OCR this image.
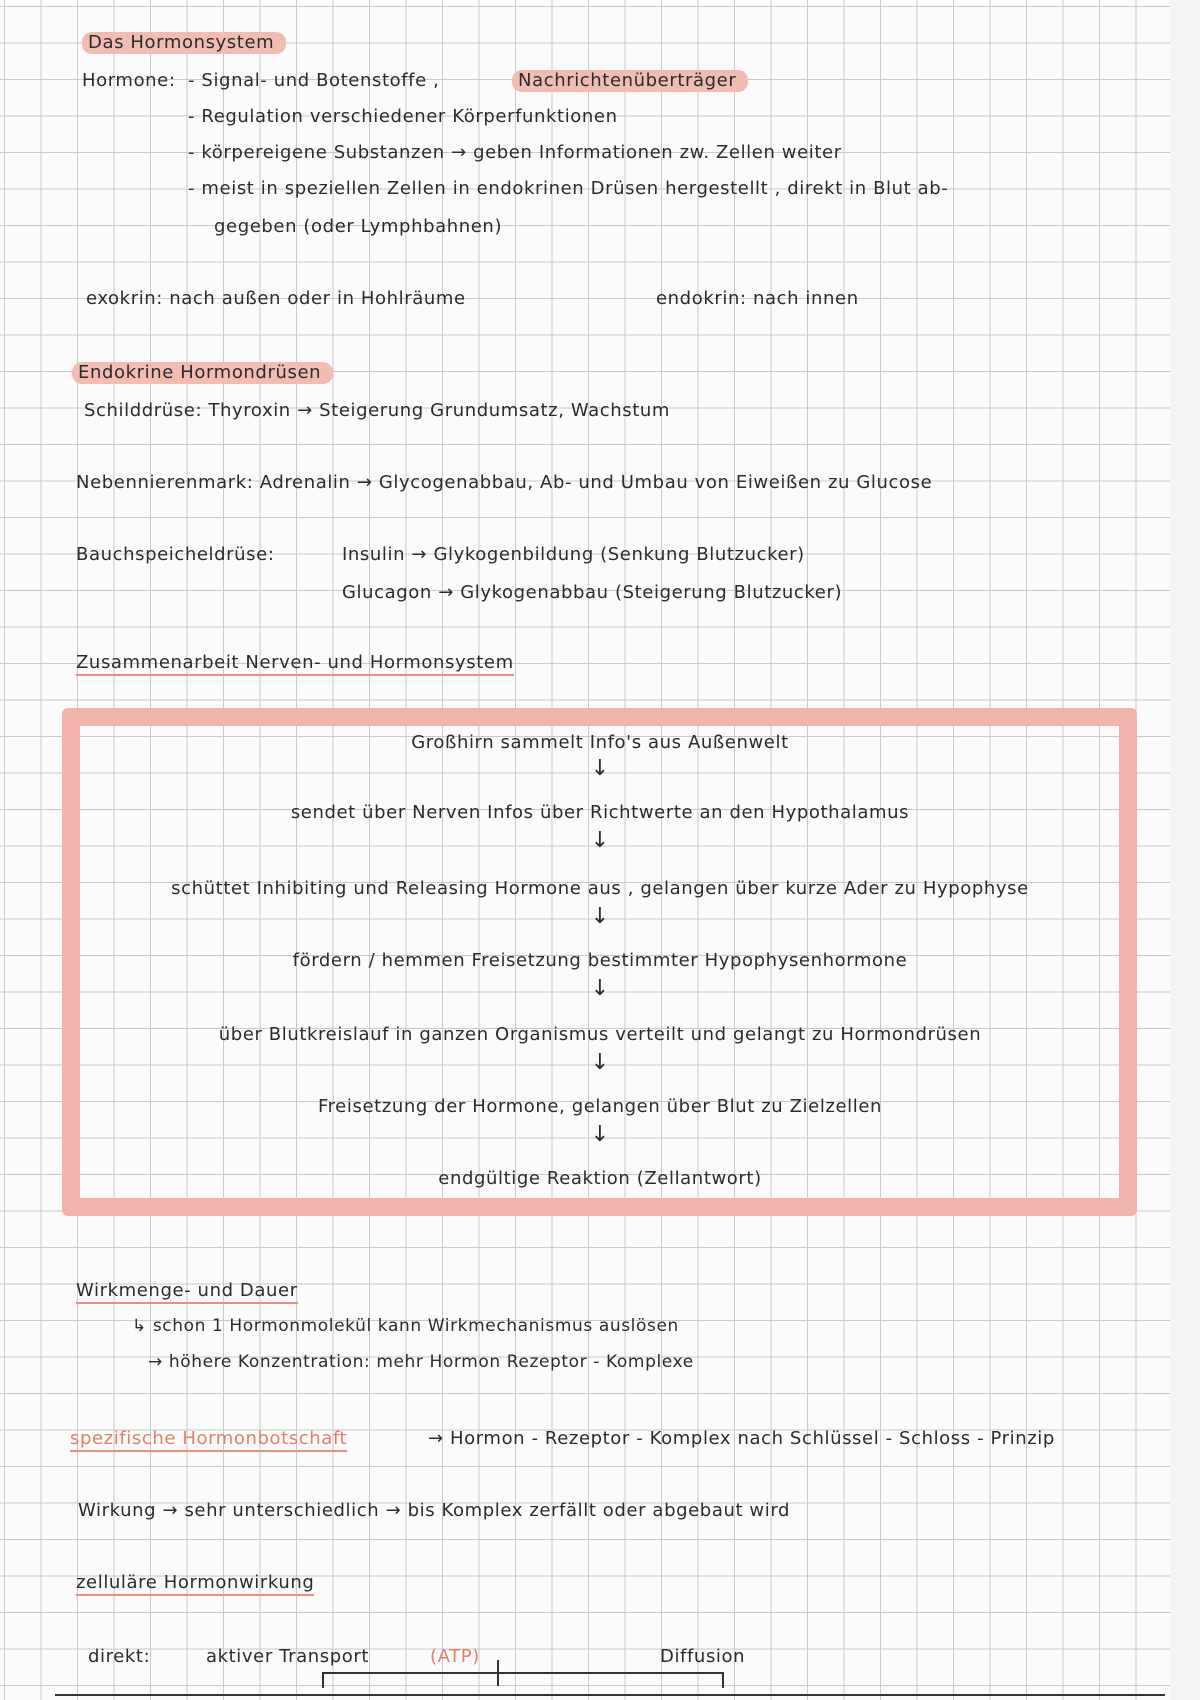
Das Hormonsystem
Hormone: - Signal- und Botenstoffe ,	Nachrichtenüberträger
- Regulation verschiedener Körperfunktionen
- körpereigene Substanzen → geben Informationen zw. Zellen weiter
- meist in speziellen Zellen in endokrinen Drüsen hergestellt , direkt in Blut ab-
gegeben (oder Lymphbahnen)
exokrin: nach außen oder in Hohlräume	endokrin: nach innen
Endokrine Hormondrüsen
Schilddrüse: Thyroxin → Steigerung Grundumsatz, Wachstum
Nebennierenmark: Adrenalin → Glycogenabbau, Ab- und Umbau von Eiweißen zu Glucose
Bauchspeicheldrüse:	Insulin → Glykogenbildung (Senkung Blutzucker)
Glucagon → Glykogenabbau (Steigerung Blutzucker)
Zusammenarbeit Nerven- und Hormonsystem
Großhirn sammelt Info's aus Außenwelt
↓
sendet über Nerven Infos über Richtwerte an den Hypothalamus
↓
schüttet Inhibiting und Releasing Hormone aus , gelangen über kurze Ader zu Hypophyse
↓
fördern / hemmen Freisetzung bestimmter Hypophysenhormone
↓
über Blutkreislauf in ganzen Organismus verteilt und gelangt zu Hormondrüsen
↓
Freisetzung der Hormone, gelangen über Blut zu Zielzellen
↓
endgültige Reaktion (Zellantwort)
Wirkmenge- und Dauer
↳ schon 1 Hormonmolekül kann Wirkmechanismus auslösen
→ höhere Konzentration: mehr Hormon Rezeptor - Komplexe
spezifische Hormonbotschaft	→ Hormon - Rezeptor - Komplex nach Schlüssel - Schloss - Prinzip
Wirkung → sehr unterschiedlich → bis Komplex zerfällt oder abgebaut wird
zelluläre Hormonwirkung
direkt:	aktiver Transport	(ATP)	Diffusion
